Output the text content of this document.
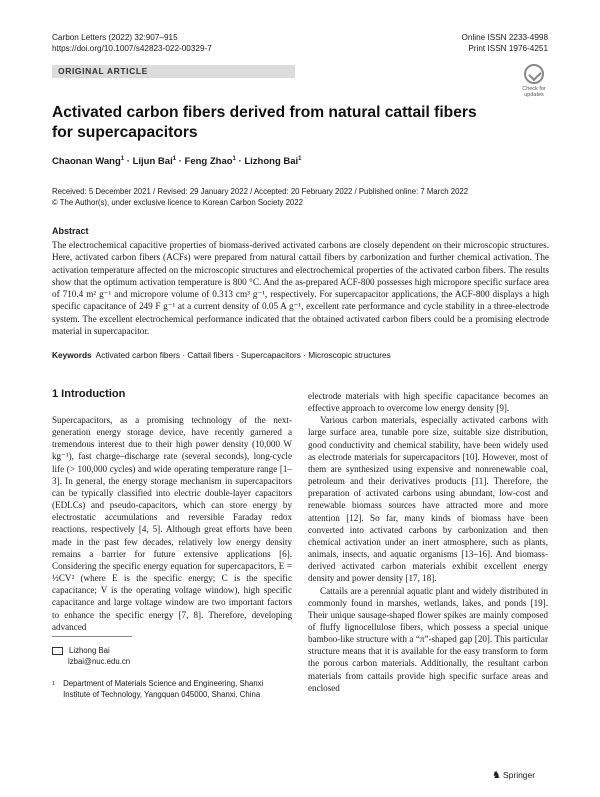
Carbon Letters (2022) 32:907–915
https://doi.org/10.1007/s42823-022-00329-7
Online ISSN 2233-4998
Print ISSN 1976-4251
ORIGINAL ARTICLE
Check for
updates
Activated carbon fibers derived from natural cattail fibers for supercapacitors
Chaonan Wang$^1$ · Lijun Bai$^1$ · Feng Zhao$^1$ · Lizhong Bai$^1$
Received: 5 December 2021 / Revised: 29 January 2022 / Accepted: 20 February 2022 / Published online: 7 March 2022
© The Author(s), under exclusive licence to Korean Carbon Society 2022
Abstract
The electrochemical capacitive properties of biomass-derived activated carbons are closely dependent on their microscopic structures. Here, activated carbon fibers (ACFs) were prepared from natural cattail fibers by carbonization and further chemical activation. The activation temperature affected on the microscopic structures and electrochemical properties of the activated carbon fibers. The results show that the optimum activation temperature is 800 °C. And the as-prepared ACF-800 possesses high micropore specific surface area of 710.4 m² g⁻¹ and micropore volume of 0.313 cm³ g⁻¹, respectively. For supercapacitor applications, the ACF-800 displays a high specific capacitance of 249 F g⁻¹ at a current density of 0.05 A g⁻¹, excellent rate performance and cycle stability in a three-electrode system. The excellent electrochemical performance indicated that the obtained activated carbon fibers could be a promising electrode material in supercapacitor.
Keywords Activated carbon fibers · Cattail fibers · Supercapacitors · Microscopic structures
1 Introduction

Supercapacitors, as a promising technology of the next-generation energy storage device, have recently garnered a tremendous interest due to their high power density (10,000 W kg⁻¹), fast charge–discharge rate (several seconds), long-cycle life (> 100,000 cycles) and wide operating temperature range [1–3]. In general, the energy storage mechanism in supercapacitors can be typically classified into electric double-layer capacitors (EDLCs) and pseudo-capacitors, which can store energy by electrostatic accumulations and reversible Faraday redox reactions, respectively [4, 5]. Although great efforts have been made in the past few decades, relatively low energy density remains a barrier for future extensive applications [6]. Considering the specific energy equation for supercapacitors, E = ½CV² (where E is the specific energy; C is the specific capacitance; V is the operating voltage window), high specific capacitance and large voltage window are two important factors to enhance the specific energy [7, 8]. Therefore, developing advanced

electrode materials with high specific capacitance becomes an effective approach to overcome low energy density [9].

Various carbon materials, especially activated carbons with large surface area, tunable pore size, suitable size distribution, good conductivity and chemical stability, have been widely used as electrode materials for supercapacitors [10]. However, most of them are synthesized using expensive and nonrenewable coal, petroleum and their derivatives products [11]. Therefore, the preparation of activated carbons using abundant, low-cost and renewable biomass sources have attracted more and more attention [12]. So far, many kinds of biomass have been converted into activated carbons by carbonization and then chemical activation under an inert atmosphere, such as plants, animals, insects, and aquatic organisms [13–16]. And biomass-derived activated carbon materials exhibit excellent energy density and power density [17, 18].

Cattails are a perennial aquatic plant and widely distributed in commonly found in marshes, wetlands, lakes, and ponds [19]. Their unique sausage-shaped flower spikes are mainly composed of fluffy lignocellulose fibers, which possess a special unique bamboo-like structure with a “π”-shaped gap [20]. This particular structure means that it is available for the easy transform to form the porous carbon materials. Additionally, the resultant carbon materials from cattails provide high specific surface areas and enclosed

Lizhong Bai
lzbai@nuc.edu.cn
1 Department of Materials Science and Engineering, Shanxi Institute of Technology, Yangquan 045000, Shanxi, China
♞ Springer
